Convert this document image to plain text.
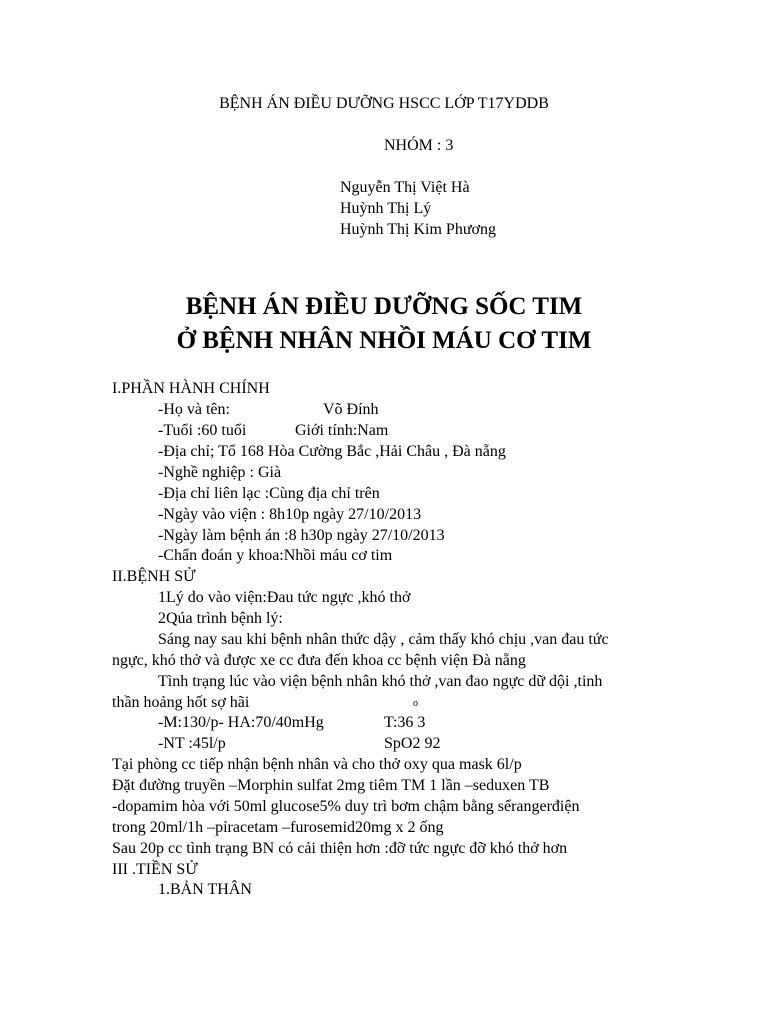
BỆNH ÁN ĐIỀU DƯỠNG HSCC LỚP T17YDDB
NHÓM : 3
Nguyễn Thị Việt Hà
Huỳnh Thị Lý
Huỳnh Thị Kim Phương
BỆNH ÁN ĐIỀU DƯỠNG SỐC TIM
Ở BỆNH NHÂN NHỒI MÁU CƠ TIM
I.PHẦN HÀNH CHÍNH
-Họ và tên:	Võ Đính
-Tuổi :60 tuổi	Giới tính:Nam
-Địa chỉ; Tổ 168 Hòa Cường Bắc ,Hải Châu , Đà nẵng
-Nghề nghiệp : Già
-Địa chỉ liên lạc :Cùng địa chỉ trên
-Ngày vào viện : 8h10p ngày 27/10/2013
-Ngày làm bệnh án :8 h30p ngày 27/10/2013
-Chẩn đoán y khoa:Nhồi máu cơ tim
II.BỆNH SỬ
1Lý do vào viện:Đau tức ngực ,khó thở
2Qúa trình bệnh lý:
Sáng nay sau khi bệnh nhân thức dậy , cảm thấy khó chịu ,van đau tức
ngực, khó thở và được xe cc đưa đến khoa cc bệnh viện Đà nẵng
Tình trạng lúc vào viện bệnh nhân khó thở ,van đao ngực dữ dội ,tinh
thần hoảng hốt sợ hãi	o
-M:130/p- HA:70/40mHg	T:36 3
-NT :45l/p	SpO2 92
Tại phòng cc tiếp nhận bệnh nhân và cho thở oxy qua mask 6l/p
Đặt đường truyền –Morphin sulfat 2mg tiêm TM 1 lần –seduxen TB
-dopamim hòa với 50ml glucose5% duy trì bơm chậm bằng sểrangerđiện
trong 20ml/1h –pỉracetam –furosemid20mg x 2 ống
Sau 20p cc tình trạng BN có cải thiện hơn :đỡ tức ngực đỡ khó thở hơn
III .TIỀN SỬ
1.BẢN THÂN
